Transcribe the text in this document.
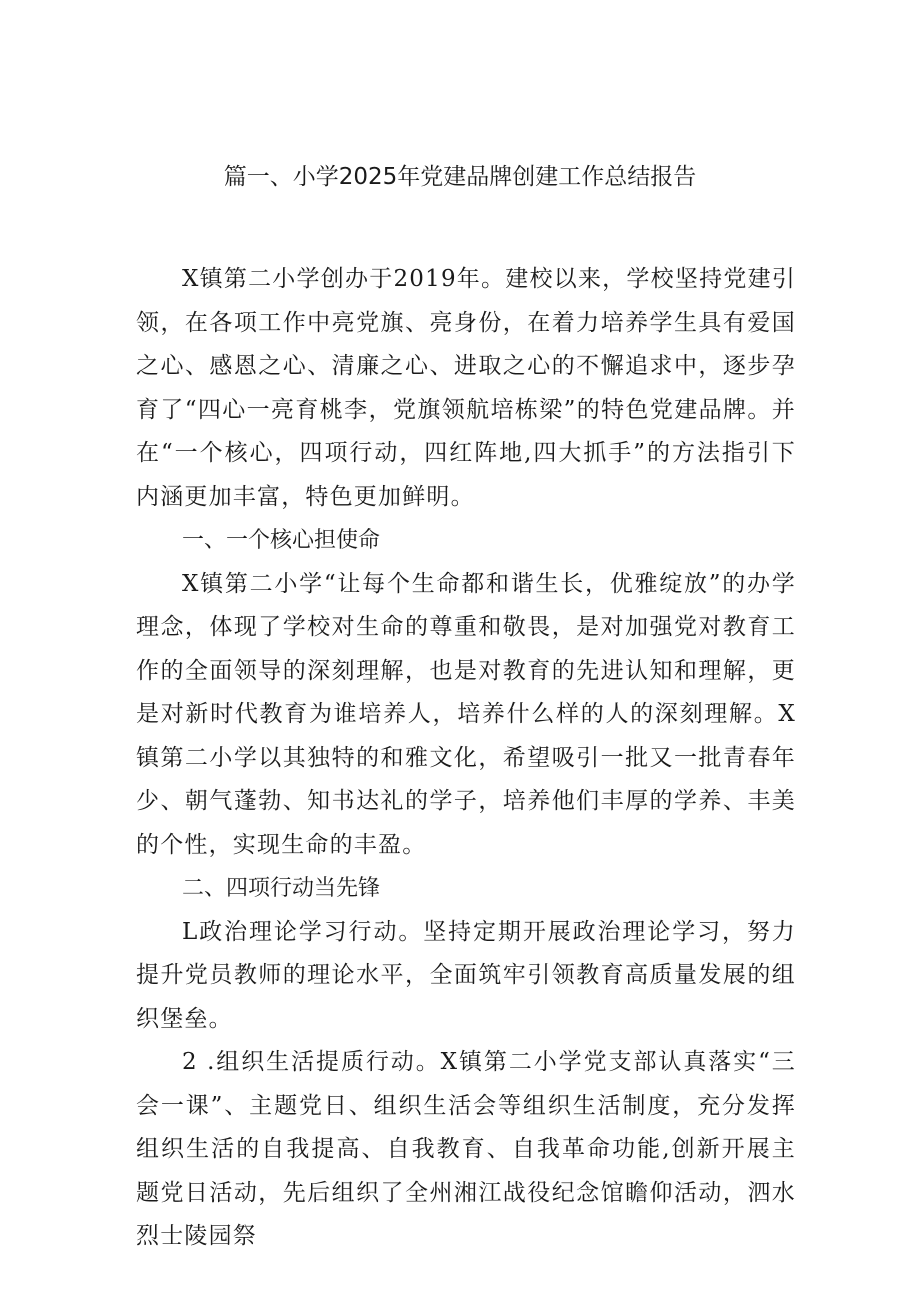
篇一、小学2025年党建品牌创建工作总结报告

X镇第二小学创办于2019年。建校以来，学校坚持党建引领，在各项工作中亮党旗、亮身份，在着力培养学生具有爱国之心、感恩之心、清廉之心、进取之心的不懈追求中，逐步孕育了“四心一亮育桃李，党旗领航培栋梁”的特色党建品牌。并在“一个核心，四项行动，四红阵地,四大抓手”的方法指引下内涵更加丰富，特色更加鲜明。

一、一个核心担使命

X镇第二小学“让每个生命都和谐生长，优雅绽放”的办学理念，体现了学校对生命的尊重和敬畏，是对加强党对教育工作的全面领导的深刻理解，也是对教育的先进认知和理解，更是对新时代教育为谁培养人，培养什么样的人的深刻理解。X镇第二小学以其独特的和雅文化，希望吸引一批又一批青春年少、朝气蓬勃、知书达礼的学子，培养他们丰厚的学养、丰美的个性，实现生命的丰盈。

二、四项行动当先锋

L政治理论学习行动。坚持定期开展政治理论学习，努力提升党员教师的理论水平，全面筑牢引领教育高质量发展的组织堡垒。

2 .组织生活提质行动。X镇第二小学党支部认真落实“三会一课”、主题党日、组织生活会等组织生活制度，充分发挥组织生活的自我提高、自我教育、自我革命功能,创新开展主题党日活动，先后组织了全州湘江战役纪念馆瞻仰活动，泗水烈士陵园祭
